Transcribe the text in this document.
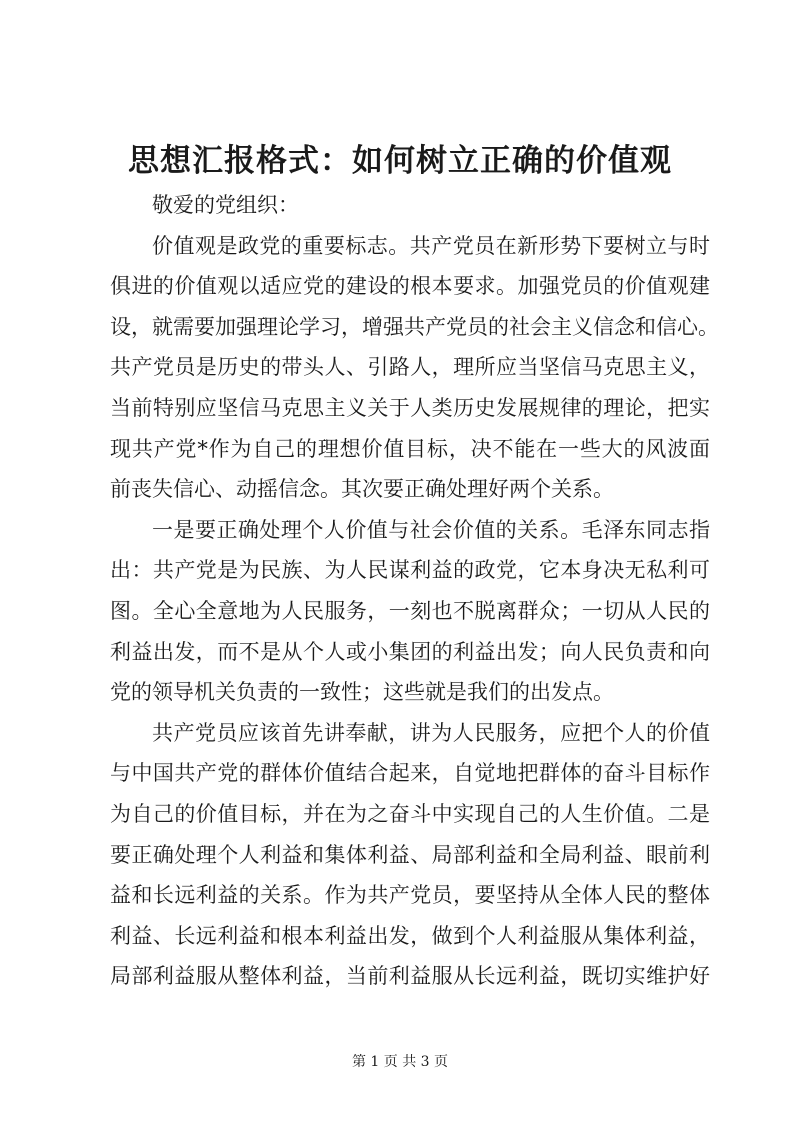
思想汇报格式：如何树立正确的价值观
敬爱的党组织：
价值观是政党的重要标志。共产党员在新形势下要树立与时
俱进的价值观以适应党的建设的根本要求。加强党员的价值观建
设，就需要加强理论学习，增强共产党员的社会主义信念和信心。
共产党员是历史的带头人、引路人，理所应当坚信马克思主义，
当前特别应坚信马克思主义关于人类历史发展规律的理论，把实
现共产党*作为自己的理想价值目标，决不能在一些大的风波面
前丧失信心、动摇信念。其次要正确处理好两个关系。
一是要正确处理个人价值与社会价值的关系。毛泽东同志指
出：共产党是为民族、为人民谋利益的政党，它本身决无私利可
图。全心全意地为人民服务，一刻也不脱离群众；一切从人民的
利益出发，而不是从个人或小集团的利益出发；向人民负责和向
党的领导机关负责的一致性；这些就是我们的出发点。
共产党员应该首先讲奉献，讲为人民服务，应把个人的价值
与中国共产党的群体价值结合起来，自觉地把群体的奋斗目标作
为自己的价值目标，并在为之奋斗中实现自己的人生价值。二是
要正确处理个人利益和集体利益、局部利益和全局利益、眼前利
益和长远利益的关系。作为共产党员，要坚持从全体人民的整体
利益、长远利益和根本利益出发，做到个人利益服从集体利益，
局部利益服从整体利益，当前利益服从长远利益，既切实维护好
第 1 页 共 3 页
